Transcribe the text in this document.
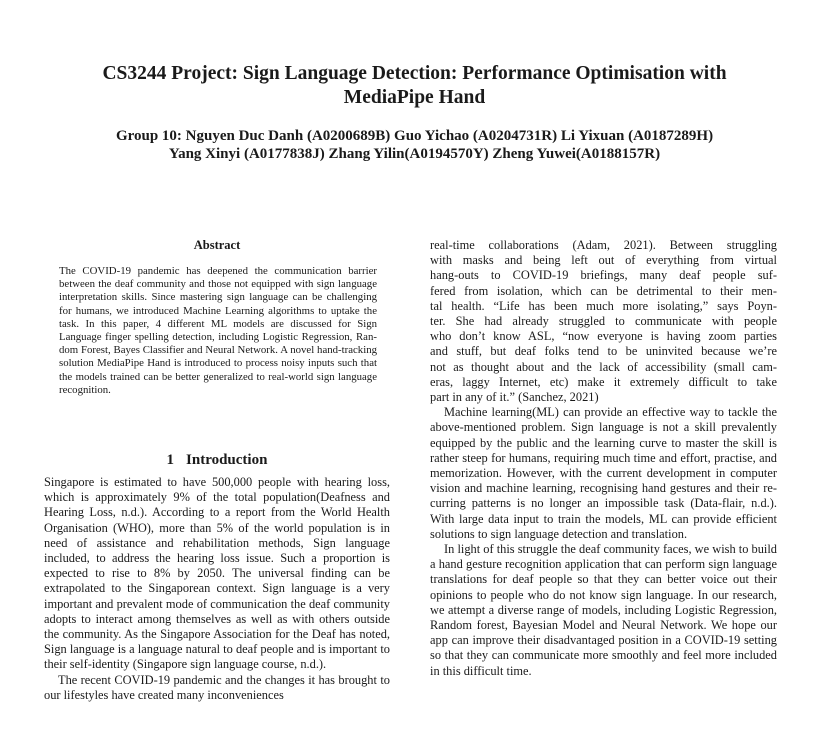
CS3244 Project: Sign Language Detection: Performance Optimisation with
MediaPipe Hand
Group 10: Nguyen Duc Danh (A0200689B) Guo Yichao (A0204731R) Li Yixuan (A0187289H)
Yang Xinyi (A0177838J) Zhang Yilin(A0194570Y) Zheng Yuwei(A0188157R)
Abstract
The COVID-19 pandemic has deepened the communication barrier between the deaf community and those not equipped with sign language interpretation skills. Since mastering sign language can be challenging for humans, we introduced Machine Learning algorithms to uptake the task. In this paper, 4 different ML models are discussed for Sign Language finger spelling detection, including Logistic Regression, Random Forest, Bayes Classifier and Neural Network. A novel hand-tracking solution MediaPipe Hand is introduced to process noisy inputs such that the models trained can be better generalized to real-world sign language recognition.
1 Introduction

Singapore is estimated to have 500,000 people with hearing loss, which is approximately 9% of the total population(Deafness and Hearing Loss, n.d.). According to a report from the World Health Organisation (WHO), more than 5% of the world population is in need of assistance and rehabilitation methods, Sign language included, to address the hearing loss issue. Such a proportion is expected to rise to 8% by 2050. The universal finding can be extrapolated to the Singaporean context. Sign language is a very important and prevalent mode of communication the deaf community adopts to interact among themselves as well as with others outside the community. As the Singapore Association for the Deaf has noted, Sign language is a language natural to deaf people and is important to their self-identity (Singapore sign language course, n.d.).

The recent COVID-19 pandemic and the changes it has brought to our lifestyles have created many inconveniences

real-time collaborations (Adam, 2021). Between struggling
with masks and being left out of everything from virtual
hang-outs to COVID-19 briefings, many deaf people suf-
fered from isolation, which can be detrimental to their men-
tal health. “Life has been much more isolating,” says Poyn-
ter. She had already struggled to communicate with people
who don’t know ASL, “now everyone is having zoom parties
and stuff, but deaf folks tend to be uninvited because we’re
not as thought about and the lack of accessibility (small cam-
eras, laggy Internet, etc) make it extremely difficult to take
part in any of it.” (Sanchez, 2021)

Machine learning(ML) can provide an effective way to tackle the above-mentioned problem. Sign language is not a skill prevalently equipped by the public and the learning curve to master the skill is rather steep for humans, requiring much time and effort, practise, and memorization. However, with the current development in computer vision and machine learning, recognising hand gestures and their recurring patterns is no longer an impossible task (Data-flair, n.d.). With large data input to train the models, ML can provide efficient solutions to sign language detection and translation.

In light of this struggle the deaf community faces, we wish to build a hand gesture recognition application that can perform sign language translations for deaf people so that they can better voice out their opinions to people who do not know sign language. In our research, we attempt a diverse range of models, including Logistic Regression, Random forest, Bayesian Model and Neural Network. We hope our app can improve their disadvantaged position in a COVID-19 setting so that they can communicate more smoothly and feel more included in this difficult time.
